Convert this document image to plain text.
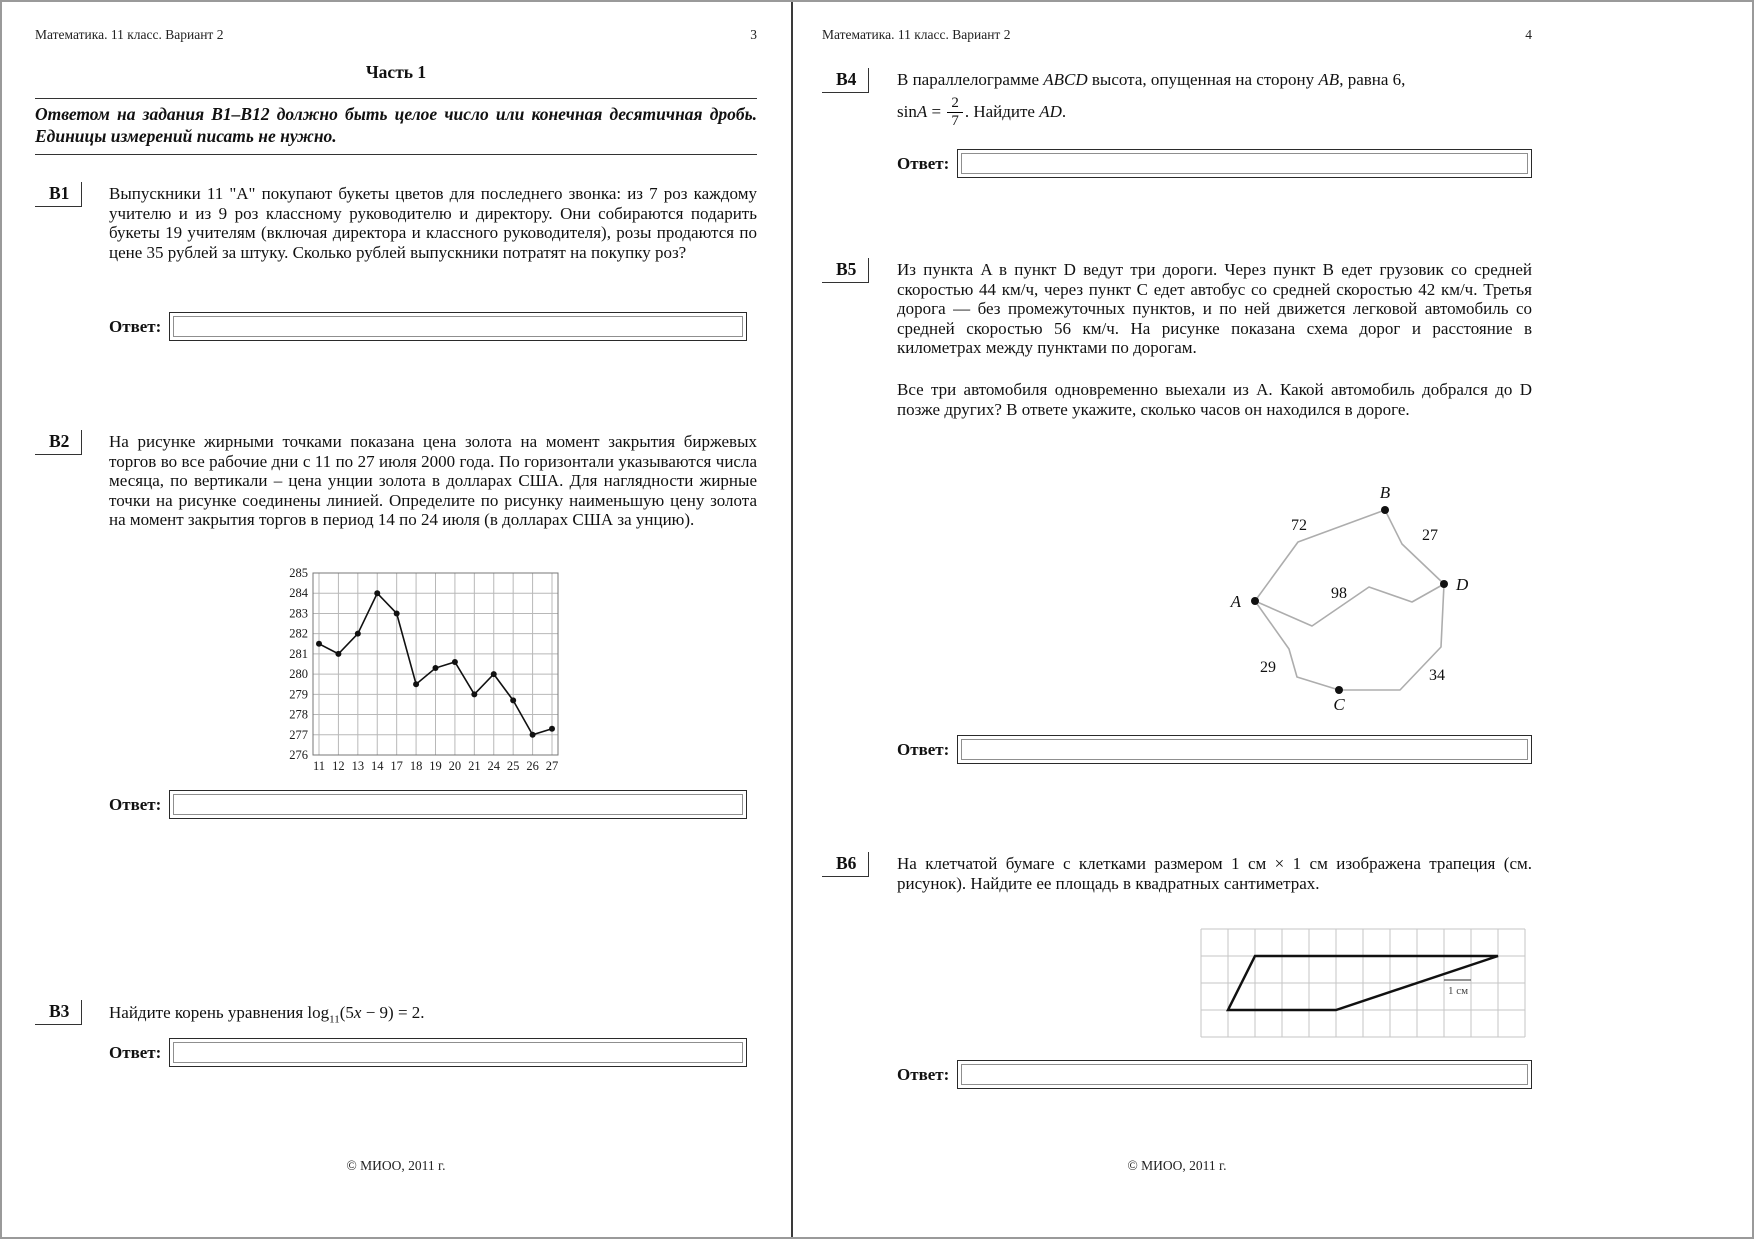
Математика. 11 класс. Вариант 2	3
Часть 1
Ответом на задания В1–В12 должно быть целое число или конечная десятичная дробь. Единицы измерений писать не нужно.
В1	Выпускники 11 "А" покупают букеты цветов для последнего звонка: из 7 роз каждому учителю и из 9 роз классному руководителю и директору. Они собираются подарить букеты 19 учителям (включая директора и классного руководителя), розы продаются по цене 35 рублей за штуку. Сколько рублей выпускники потратят на покупку роз?
Ответ:
В2	На рисунке жирными точками показана цена золота на момент закрытия биржевых торгов во все рабочие дни с 11 по 27 июля 2000 года. По горизонтали указываются числа месяца, по вертикали – цена унции золота в долларах США. Для наглядности жирные точки на рисунке соединены линией. Определите по рисунку наименьшую цену золота на момент закрытия торгов в период 14 по 24 июля (в долларах США за унцию).
285
284
283
282
281
280
279
278
277
276
11 12 13 14 17 18 19 20 21 24 25 26 27
Ответ:
В3	Найдите корень уравнения $\log_{11}(5x - 9) = 2$.
Ответ:
© МИОО, 2011 г.
Математика. 11 класс. Вариант 2	4
В4	В параллелограмме ABCD высота, опущенная на сторону AB, равна 6,
$\sin A = \frac{2}{7}$ . Найдите AD.
Ответ:
В5	Из пункта A в пункт D ведут три дороги. Через пункт B едет грузовик со средней скоростью 44 км/ч, через пункт C едет автобус со средней скоростью 42 км/ч. Третья дорога — без промежуточных пунктов, и по ней движется легковой автомобиль со средней скоростью 56 км/ч. На рисунке показана схема дорог и расстояние в километрах между пунктами по дорогам.
Все три автомобиля одновременно выехали из A. Какой автомобиль добрался до D позже других? В ответе укажите, сколько часов он находился в дороге.
A
B
C
D
72
27
98
29	34
Ответ:
В6	На клетчатой бумаге с клетками размером 1 см × 1 см изображена трапеция (см. рисунок). Найдите ее площадь в квадратных сантиметрах.
1 см
Ответ:
© МИОО, 2011 г.
